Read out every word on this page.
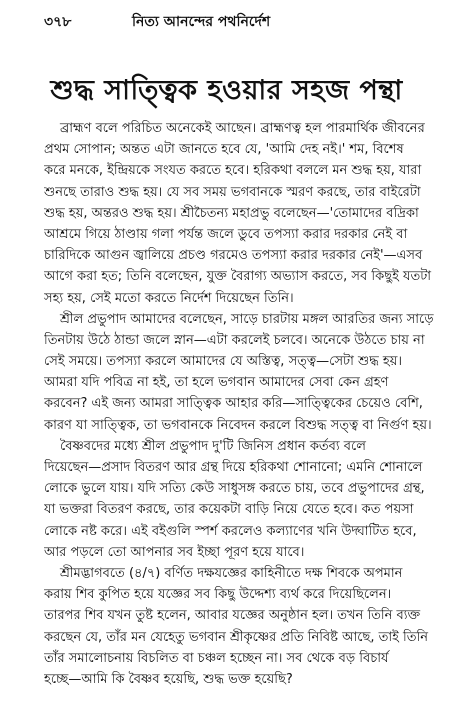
৩৭৮	নিত্য আনন্দের পথনির্দেশ
শুদ্ধ সাত্ত্বিক হওয়ার সহজ পন্থা
ব্রাহ্মণ বলে পরিচিত অনেকেই আছেন। ব্রাহ্মণত্ব হল পারমার্থিক জীবনের
প্রথম সোপান; অন্তত এটা জানতে হবে যে, 'আমি দেহ নই।' শম, বিশেষ
করে মনকে, ইন্দ্রিয়কে সংযত করতে হবে। হরিকথা বললে মন শুদ্ধ হয়, যারা
শুনছে তারাও শুদ্ধ হয়। যে সব সময় ভগবানকে স্মরণ করছে, তার বাইরেটা
শুদ্ধ হয়, অন্তরও শুদ্ধ হয়। শ্রীচৈতন্য মহাপ্রভু বলেছেন—'তোমাদের বদ্রিকা
আশ্রমে গিয়ে ঠাণ্ডায় গলা পর্যন্ত জলে ডুবে তপস্যা করার দরকার নেই বা
চারিদিকে আগুন জ্বালিয়ে প্রচণ্ড গরমেও তপস্যা করার দরকার নেই'—এসব
আগে করা হত; তিনি বলেছেন, যুক্ত বৈরাগ্য অভ্যাস করতে, সব কিছুই যতটা
সহ্য হয়, সেই মতো করতে নির্দেশ দিয়েছেন তিনি।
শ্রীল প্রভুপাদ আমাদের বলেছেন, সাড়ে চারটায় মঙ্গল আরতির জন্য সাড়ে
তিনটায় উঠে ঠান্ডা জলে স্নান—এটা করলেই চলবে। অনেকে উঠতে চায় না
সেই সময়ে। তপস্যা করলে আমাদের যে অস্তিত্ব, সত্ত্ব—সেটা শুদ্ধ হয়।
আমরা যদি পবিত্র না হই, তা হলে ভগবান আমাদের সেবা কেন গ্রহণ
করবেন? এই জন্য আমরা সাত্ত্বিক আহার করি—সাত্ত্বিকের চেয়েও বেশি,
কারণ যা সাত্ত্বিক, তা ভগবানকে নিবেদন করলে বিশুদ্ধ সত্ত্ব বা নির্গুণ হয়।
বৈষ্ণবদের মধ্যে শ্রীল প্রভুপাদ দু'টি জিনিস প্রধান কর্তব্য বলে
দিয়েছেন—প্রসাদ বিতরণ আর গ্রন্থ দিয়ে হরিকথা শোনানো; এমনি শোনালে
লোকে ভুলে যায়। যদি সত্যি কেউ সাধুসঙ্গ করতে চায়, তবে প্রভুপাদের গ্রন্থ,
যা ভক্তরা বিতরণ করছে, তার কয়েকটা বাড়ি নিয়ে যেতে হবে। কত পয়সা
লোকে নষ্ট করে। এই বইগুলি স্পর্শ করলেও কল্যাণের খনি উদ্ঘাটিত হবে,
আর পড়লে তো আপনার সব ইচ্ছা পূরণ হয়ে যাবে।
শ্রীমদ্ভাগবতে (৪/৭) বর্ণিত দক্ষযজ্ঞের কাহিনীতে দক্ষ শিবকে অপমান
করায় শিব কুপিত হয়ে যজ্ঞের সব কিছু উদ্দেশ্য ব্যর্থ করে দিয়েছিলেন।
তারপর শিব যখন তুষ্ট হলেন, আবার যজ্ঞের অনুষ্ঠান হল। তখন তিনি ব্যক্ত
করছেন যে, তাঁর মন যেহেতু ভগবান শ্রীকৃষ্ণের প্রতি নিবিষ্ট আছে, তাই তিনি
তাঁর সমালোচনায় বিচলিত বা চঞ্চল হচ্ছেন না। সব থেকে বড় বিচার্য
হচ্ছে—আমি কি বৈষ্ণব হয়েছি, শুদ্ধ ভক্ত হয়েছি?
